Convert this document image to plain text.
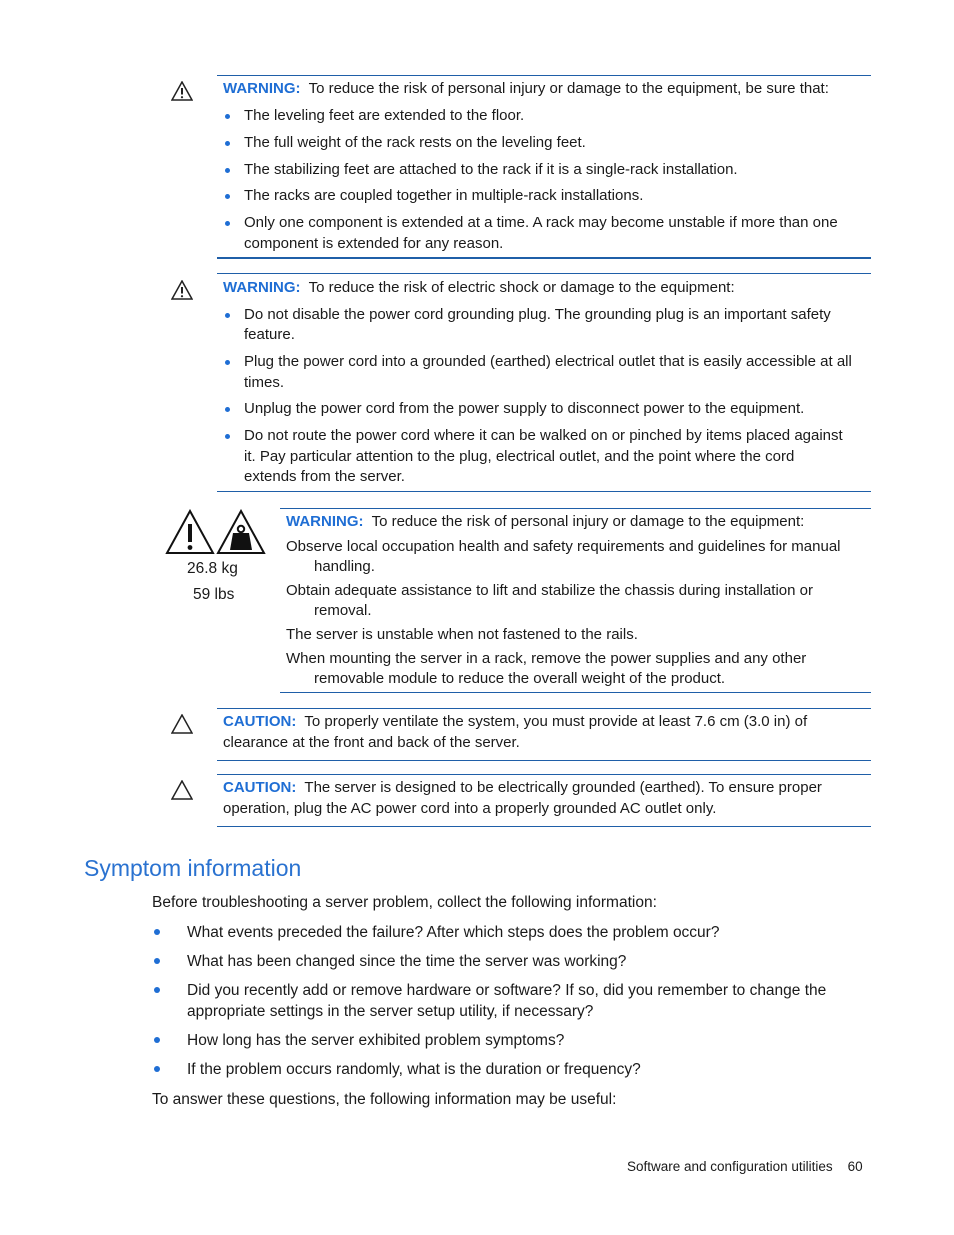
WARNING: To reduce the risk of personal injury or damage to the equipment, be sure that:
The leveling feet are extended to the floor.
The full weight of the rack rests on the leveling feet.
The stabilizing feet are attached to the rack if it is a single-rack installation.
The racks are coupled together in multiple-rack installations.
Only one component is extended at a time. A rack may become unstable if more than one
component is extended for any reason.
WARNING: To reduce the risk of electric shock or damage to the equipment:
Do not disable the power cord grounding plug. The grounding plug is an important safety
feature.
Plug the power cord into a grounded (earthed) electrical outlet that is easily accessible at all
times.
Unplug the power cord from the power supply to disconnect power to the equipment.
Do not route the power cord where it can be walked on or pinched by items placed against
it. Pay particular attention to the plug, electrical outlet, and the point where the cord
extends from the server.
26.8 kg
59 lbs
WARNING: To reduce the risk of personal injury or damage to the equipment:
Observe local occupation health and safety requirements and guidelines for manual
handling.
Obtain adequate assistance to lift and stabilize the chassis during installation or
removal.
The server is unstable when not fastened to the rails.
When mounting the server in a rack, remove the power supplies and any other
removable module to reduce the overall weight of the product.
CAUTION: To properly ventilate the system, you must provide at least 7.6 cm (3.0 in) of
clearance at the front and back of the server.
CAUTION: The server is designed to be electrically grounded (earthed). To ensure proper
operation, plug the AC power cord into a properly grounded AC outlet only.
Symptom information
Before troubleshooting a server problem, collect the following information:
What events preceded the failure? After which steps does the problem occur?
What has been changed since the time the server was working?
Did you recently add or remove hardware or software? If so, did you remember to change the
appropriate settings in the server setup utility, if necessary?
How long has the server exhibited problem symptoms?
If the problem occurs randomly, what is the duration or frequency?
To answer these questions, the following information may be useful:
Software and configuration utilities 60
